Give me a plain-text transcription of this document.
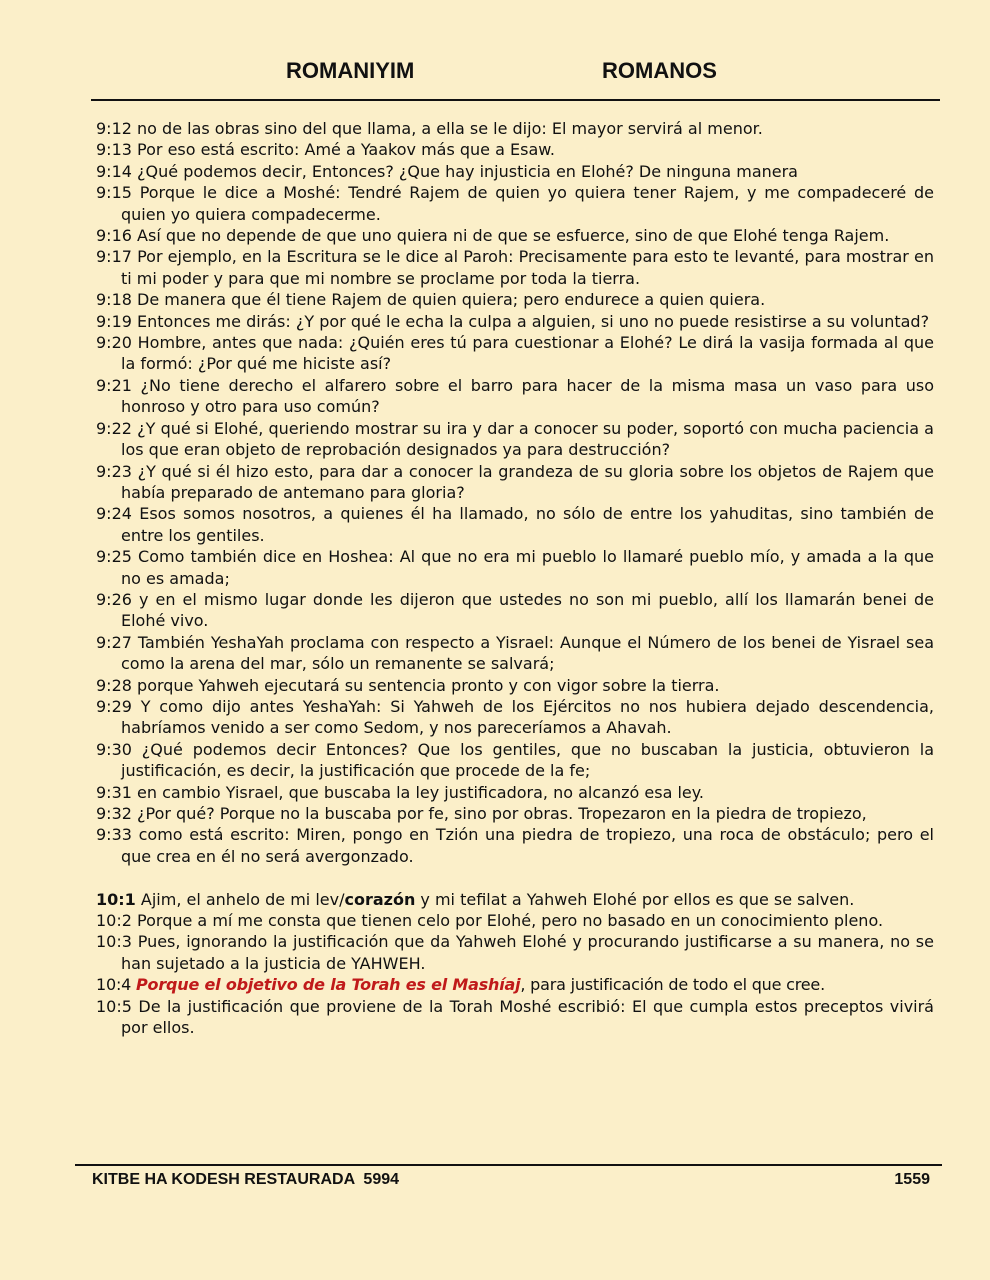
ROMANIYIM	ROMANOS

9:12 no de las obras sino del que llama, a ella se le dijo: El mayor servirá al menor.

9:13 Por eso está escrito: Amé a Yaakov más que a Esaw.

9:14 ¿Qué podemos decir, Entonces? ¿Que hay injusticia en Elohé? De ninguna manera

9:15 Porque le dice a Moshé: Tendré Rajem de quien yo quiera tener Rajem, y me compadeceré de quien yo quiera compadecerme.

9:16 Así que no depende de que uno quiera ni de que se esfuerce, sino de que Elohé tenga Rajem.

9:17 Por ejemplo, en la Escritura se le dice al Paroh: Precisamente para esto te levanté, para mostrar en ti mi poder y para que mi nombre se proclame por toda la tierra.

9:18 De manera que él tiene Rajem de quien quiera; pero endurece a quien quiera.

9:19 Entonces me dirás: ¿Y por qué le echa la culpa a alguien, si uno no puede resistirse a su voluntad?

9:20 Hombre, antes que nada: ¿Quién eres tú para cuestionar a Elohé? Le dirá la vasija formada al que la formó: ¿Por qué me hiciste así?

9:21 ¿No tiene derecho el alfarero sobre el barro para hacer de la misma masa un vaso para uso honroso y otro para uso común?

9:22 ¿Y qué si Elohé, queriendo mostrar su ira y dar a conocer su poder, soportó con mucha paciencia a los que eran objeto de reprobación designados ya para destrucción?

9:23 ¿Y qué si él hizo esto, para dar a conocer la grandeza de su gloria sobre los objetos de Rajem que había preparado de antemano para gloria?

9:24 Esos somos nosotros, a quienes él ha llamado, no sólo de entre los yahuditas, sino también de entre los gentiles.

9:25 Como también dice en Hoshea: Al que no era mi pueblo lo llamaré pueblo mío, y amada a la que no es amada;

9:26 y en el mismo lugar donde les dijeron que ustedes no son mi pueblo, allí los llamarán benei de Elohé vivo.

9:27 También YeshaYah proclama con respecto a Yisrael: Aunque el Número de los benei de Yisrael sea como la arena del mar, sólo un remanente se salvará;

9:28 porque Yahweh ejecutará su sentencia pronto y con vigor sobre la tierra.

9:29 Y como dijo antes YeshaYah: Si Yahweh de los Ejércitos no nos hubiera dejado descendencia, habríamos venido a ser como Sedom, y nos pareceríamos a Ahavah.

9:30 ¿Qué podemos decir Entonces? Que los gentiles, que no buscaban la justicia, obtuvieron la justificación, es decir, la justificación que procede de la fe;

9:31 en cambio Yisrael, que buscaba la ley justificadora, no alcanzó esa ley.

9:32 ¿Por qué? Porque no la buscaba por fe, sino por obras. Tropezaron en la piedra de tropiezo,

9:33 como está escrito: Miren, pongo en Tzión una piedra de tropiezo, una roca de obstáculo; pero el que crea en él no será avergonzado.

10:1 Ajim, el anhelo de mi lev/corazón y mi tefilat a Yahweh Elohé por ellos es que se salven.

10:2 Porque a mí me consta que tienen celo por Elohé, pero no basado en un conocimiento pleno.

10:3 Pues, ignorando la justificación que da Yahweh Elohé y procurando justificarse a su manera, no se han sujetado a la justicia de YAHWEH.

10:4 Porque el objetivo de la Torah es el Mashíaj, para justificación de todo el que cree.

10:5 De la justificación que proviene de la Torah Moshé escribió: El que cumpla estos preceptos vivirá por ellos.

KITBE HA KODESH RESTAURADA  5994	1559
